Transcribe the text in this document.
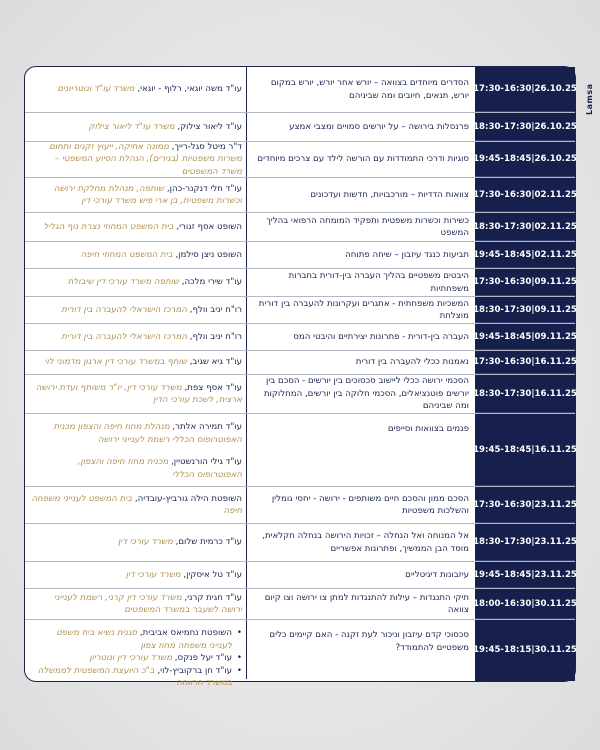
17:30-16:30 | 26.10.25
הסדרים מיוחדים בצוואה – יורש אחר יורש, יורש במקום יורש, תנאים, חיובים ומה שביניהם
עו"ד משה יוגאי, רלוף - יוגאי, משרד עו"ד ונוטריונים
18:30-17:30 | 26.10.25
פרנסלות בירושה – על יורשים סמויים ומצבי אמצע
עו"ד ליאור צילוק, משרד עו"ד ליאור צילוק
19:45-18:45 | 26.10.25
סוגיות ודרכי התמודדות עם הורשה לילד עם צרכים מיוחדים
ד"ר מיטל סגל-רייך, ממונה אתיקה, ייעוץ זקנים ותחום משרות משפטיות (בגירים), הנהלת הסיוע המשפטי – משרד המשפטים
17:30-16:30 | 02.11.25
צוואות הדדיות – מורכבויות, חדשות ועדכונים
עו"ד חלי דנקנר-כהן, שותפה, מנהלת מחלקת ירושה וכשרות משפטית, בן ארי פיש משרד עורכי דין
18:30-17:30 | 02.11.25
כשירות וכשרות משפטית ותפקיד המומחה הרפואי בהליך המשפט
השופט אסף זגורי, בית המשפט המחוזי נצרת נוף הגליל
19:45-18:45 | 02.11.25
תביעות כנגד עיזבון – שיחה פתוחה
השופט ניצן סילמן, בית המשפט המחוזי חיפה
17:30-16:30 | 09.11.25
היבטים משפטיים בהליך העברה בין-דורית בחברות משפחתיות
עו"ד שירי מלכה, שותפה משרד עורכי דין שיבולת
18:30-17:30 | 09.11.25
המשכיות משפחתית - אתגרים ועקרונות להעברה בין דורית מוצלחת
רו"ח יניב וולף, המרכז הישראלי להעברה בין דורית
19:45-18:45 | 09.11.25
העברה בין-דורית - פתרונות יצירתיים והיבטי המס
רו"ח יניב וולף, המרכז הישראלי להעברה בין דורית
17:30-16:30 | 16.11.25
נאמנות ככלי להעברה בין דורית
עו"ד גיא שגיב, שותף במשרד עורכי דין ארגון מדמוני לוי
18:30-17:30 | 16.11.25
הסכמי ירושה ככלי ליישוב סכסוכים בין יורשים - הסכם בין יורשים פוטנציאלים, הסכמי חלוקה בין יורשים, המחלוקות ומה שביניהם
עו"ד אסף צפת, משרד עורכי דין, יו"ר משותף ועדת ירושה ארצית, לשכת עורכי הדין
19:45-18:45 | 16.11.25
פגמים בצוואות וסייפים
עו"ד תמירה אלתר, מנהלת מחוז חיפה והצפון מכנית האפוטרופוס הכללי רשמת לענייני ירושה
עו"ד גילי הורנשטיין, מכנית מחוז חיפה והצפון, האפוטרופוס הכללי
17:30-16:30 | 23.11.25
הסכם ממון והסכם חיים משותפים - ירושה - יחסי גומלין והשלכות משפטיות
השופטת הילה גורביץ-עובדיה, בית המשפט לענייני משפחה חיפה
18:30-17:30 | 23.11.25
אל המנוחה ואל הנחלה – זכויות הירושה בנחלה חקלאית, מוסד הבן הממשיך, ופתרונות אפשריים
עו"ד כרמית שלום, משרד עורכי דין
19:45-18:45 | 23.11.25
עיזבונות דיגיטליים
עו"ד טל איסקין, משרד עורכי דין
18:00-16:30 | 30.11.25
תיקי התנגדות – עילות להתנגדות למתן צו ירושה וצו קיום צוואה
עו"ד חגית קרני, משרד עורכי דין קרני, רשמת לענייני ירושה לשעבר במשרד המשפטים
19:45-18:15 | 30.11.25
סכסוכי קדם עיזבון וניכור לעת זקנה - האם קיימים כלים משפטיים להתמודד?
• השופטת נחמיאס אביבית, סגנית נשיא בית משפט לענייני משפחה מחוז צפון
• עו"ד יעל פנקס, משרד עורכי דין ונוטריון
• עו"ד חן ברקוביץ-לוי, ב"כ היועצת המשפטית לממשלה במשרד הרווחה
Lamsa
